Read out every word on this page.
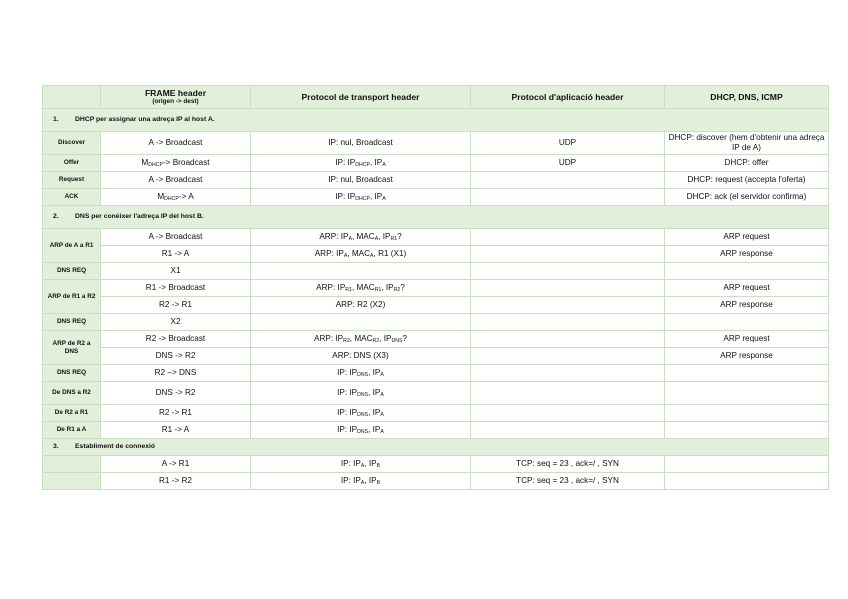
	FRAME header
(origen -> dest)	Protocol de transport header	Protocol d'aplicació header	DHCP, DNS, ICMP
1. DHCP per assignar una adreça IP al host A.				
Discover	A -> Broadcast	IP: nul, Broadcast	UDP	DHCP: discover (hem d'obtenir una adreça IP de A)
Offer	$M_{DHCP}->$ Broadcast	IP: $IP_{DHCP}$, $IP_A$	UDP	DHCP: offer
Request	A -> Broadcast	IP: nul, Broadcast		DHCP: request (accepta l'oferta)
ACK	$M_{DHCP}-> A$	IP: $IP_{DHCP}$, $IP_A$		DHCP: ack (el servidor confirma)
2. DNS per conèixer l'adreça IP del host B.				
ARP de A a R1	A -> Broadcast	ARP: $IP_A$, $MAC_A$, $IP_{R1}$?		ARP request
	R1 -> A	ARP: $IP_A$, $MAC_A$, R1 (X1)		ARP response
DNS REQ	X1			
ARP de R1 a R2	R1 -> Broadcast	ARP: $IP_{R1}$, $MAC_{R1}$, $IP_{R2}$?		ARP request
	R2 -> R1	ARP: R2 (X2)		ARP response
DNS REQ	X2			
ARP de R2 a DNS	R2 -> Broadcast	ARP: $IP_{R2}$, $MAC_{R2}$, $IP_{DNS}$?		ARP request
	DNS -> R2	ARP: DNS (X3)		ARP response
DNS REQ	R2 –> DNS	IP: $IP_{DNS}$, $IP_A$		
De DNS a R2	DNS -> R2	IP: $IP_{DNS}$, $IP_A$		
De R2 a R1	R2 -> R1	IP: $IP_{DNS}$, $IP_A$		
De R1 a A	R1 -> A	IP: $IP_{DNS}$, $IP_A$		
3. Establiment de connexió				
	A -> R1	IP: $IP_A$, $IP_B$	TCP: seq = 23 , ack=/ , SYN	
	R1 -> R2	IP: $IP_A$, $IP_B$	TCP: seq = 23 , ack=/ , SYN	
